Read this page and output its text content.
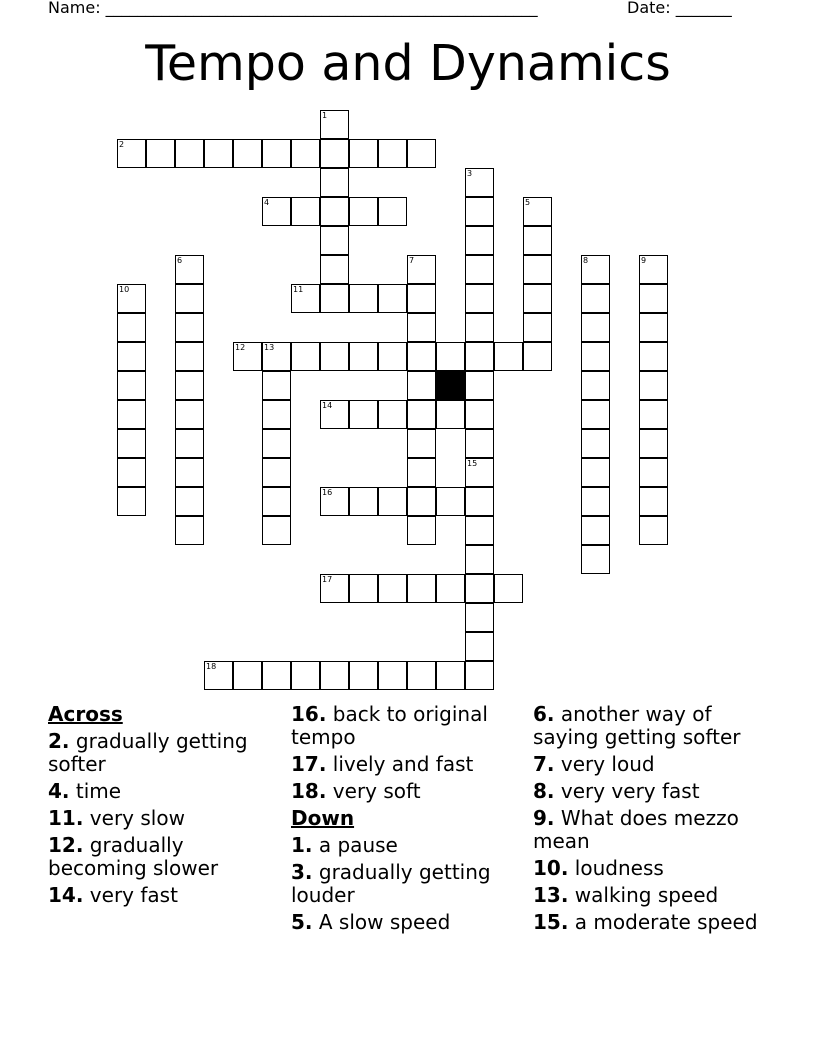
Name: ______________________________________________________	Date: _______
Tempo and Dynamics
1
2
3
4	5
6	7	8	9
10	11
12 13
14
15
16
17
18
Across
2. gradually getting softer
4. time
11. very slow
12. gradually becoming slower
14. very fast
16. back to original tempo
17. lively and fast
18. very soft
Down
1. a pause
3. gradually getting louder
5. A slow speed
6. another way of saying getting softer
7. very loud
8. very very fast
9. What does mezzo mean
10. loudness
13. walking speed
15. a moderate speed
